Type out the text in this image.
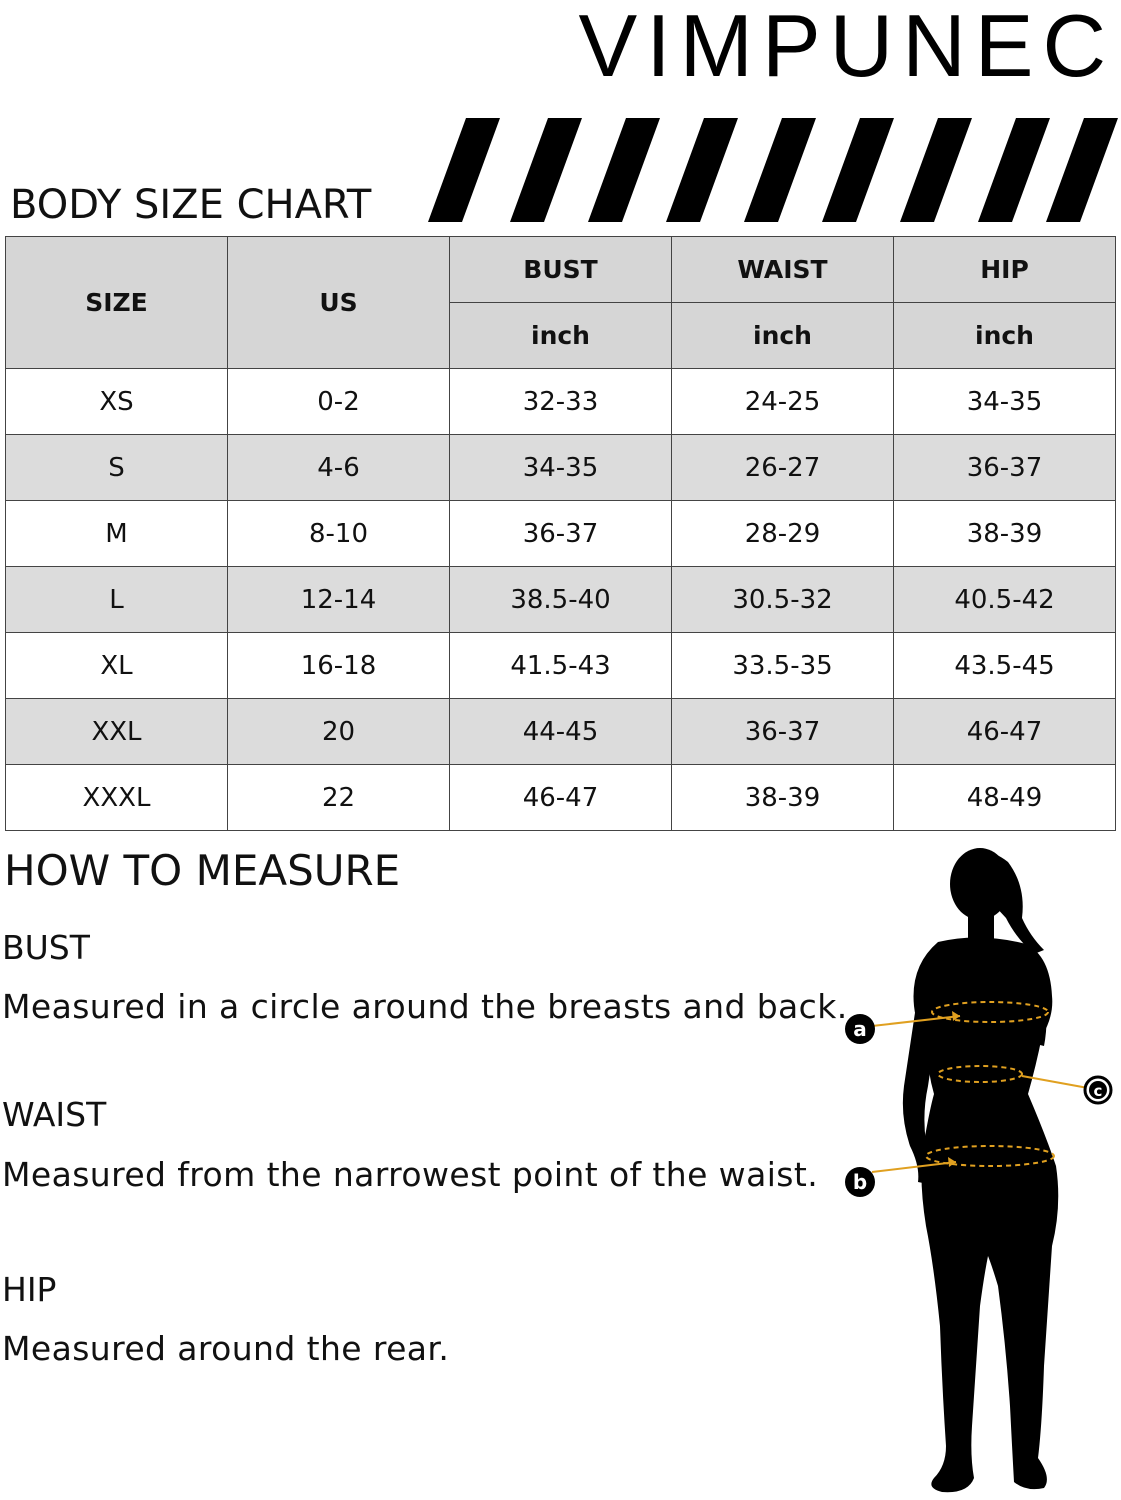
VIMPUNEC
BODY SIZE CHART
SIZE	US	BUST	WAIST	HIP
		inch	inch	inch
XS	0-2	32-33	24-25	34-35
S	4-6	34-35	26-27	36-37
M	8-10	36-37	28-29	38-39
L	12-14	38.5-40	30.5-32	40.5-42
XL	16-18	41.5-43	33.5-35	43.5-45
XXL	20	44-45	36-37	46-47
XXXL	22	46-47	38-39	48-49
HOW TO MEASURE
BUST
Measured in a circle around the breasts and back.
WAIST
Measured from the narrowest point of the waist.
HIP
Measured around the rear.
a
c
b
